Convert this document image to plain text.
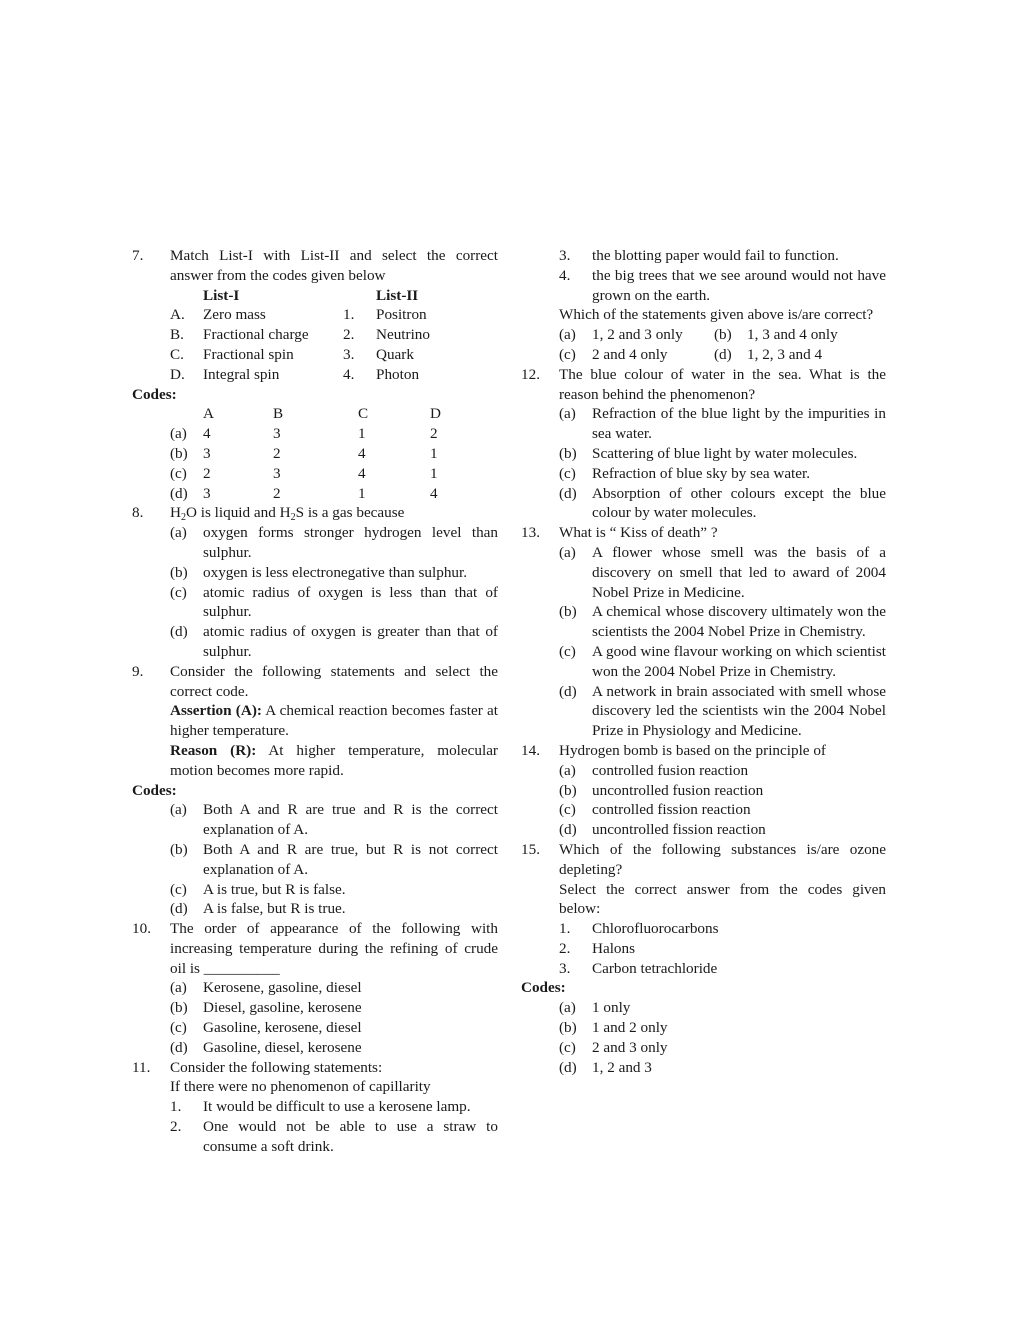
7. Match List-I with List-II and select the correct answer from the codes given below
List-I	List-II
A.	Zero mass	1.	Positron
B.	Fractional charge	2.	Neutrino
C.	Fractional spin	3.	Quark
D.	Integral spin	4.	Photon
Codes:
A	B	C	D
(a)	4	3	1	2
(b)	3	2	4	1
(c)	2	3	4	1
(d)	3	2	1	4
8. $H_2O$ is liquid and $H_2S$ is a gas because
(a) oxygen forms stronger hydrogen level than sulphur.
(b) oxygen is less electronegative than sulphur.
(c) atomic radius of oxygen is less than that of sulphur.
(d) atomic radius of oxygen is greater than that of sulphur.
9. Consider the following statements and select the correct code.
Assertion (A): A chemical reaction becomes faster at higher temperature.
Reason (R): At higher temperature, molecular motion becomes more rapid.
Codes:
(a) Both A and R are true and R is the correct explanation of A.
(b) Both A and R are true, but R is not correct explanation of A.
(c) A is true, but R is false.
(d) A is false, but R is true.
10. The order of appearance of the following with increasing temperature during the refining of crude oil is __________
(a) Kerosene, gasoline, diesel
(b) Diesel, gasoline, kerosene
(c) Gasoline, kerosene, diesel
(d) Gasoline, diesel, kerosene
11. Consider the following statements:
If there were no phenomenon of capillarity
1. It would be difficult to use a kerosene lamp.
2. One would not be able to use a straw to consume a soft drink.
3. the blotting paper would fail to function.
4. the big trees that we see around would not have grown on the earth.
Which of the statements given above is/are correct?
(a) 1, 2 and 3 only	(b) 1, 3 and 4 only
(c) 2 and 4 only	(d) 1, 2, 3 and 4
12. The blue colour of water in the sea. What is the reason behind the phenomenon?
(a) Refraction of the blue light by the impurities in sea water.
(b) Scattering of blue light by water molecules.
(c) Refraction of blue sky by sea water.
(d) Absorption of other colours except the blue colour by water molecules.
13. What is “ Kiss of death” ?
(a) A flower whose smell was the basis of a discovery on smell that led to award of 2004 Nobel Prize in Medicine.
(b) A chemical whose discovery ultimately won the scientists the 2004 Nobel Prize in Chemistry.
(c) A good wine flavour working on which scientist won the 2004 Nobel Prize in Chemistry.
(d) A network in brain associated with smell whose discovery led the scientists win the 2004 Nobel Prize in Physiology and Medicine.
14. Hydrogen bomb is based on the principle of
(a) controlled fusion reaction
(b) uncontrolled fusion reaction
(c) controlled fission reaction
(d) uncontrolled fission reaction
15. Which of the following substances is/are ozone depleting?
Select the correct answer from the codes given below:
1. Chlorofluorocarbons
2. Halons
3. Carbon tetrachloride
Codes:
(a) 1 only
(b) 1 and 2 only
(c) 2 and 3 only
(d) 1, 2 and 3
